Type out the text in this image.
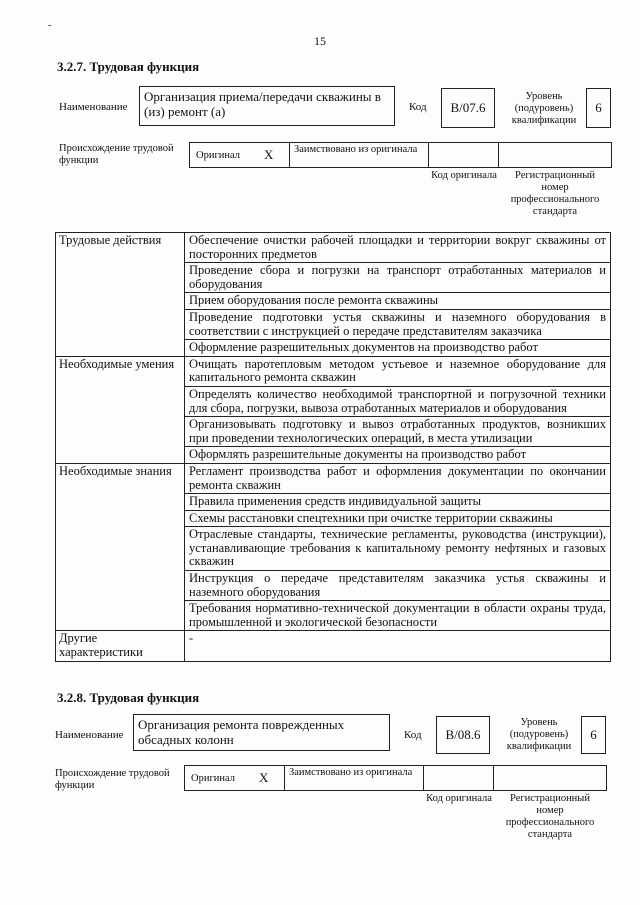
-
15
3.2.7. Трудовая функция
Наименование
Организация приема/передачи скважины в (из) ремонт (а)	Код	В/07.6
Уровень (подуровень) квалификации
6
Происхождение трудовой функции	Оригинал X Заимствовано из оригинала
Код оригинала	Регистрационный номер профессионального стандарта
Трудовые действия	Обеспечение очистки рабочей площадки и территории вокруг скважины от посторонних предметов
	Проведение сбора и погрузки на транспорт отработанных материалов и оборудования
	Прием оборудования после ремонта скважины
	Проведение подготовки устья скважины и наземного оборудования в соответствии с инструкцией о передаче представителям заказчика
	Оформление разрешительных документов на производство работ
Необходимые умения	Очищать паротепловым методом устьевое и наземное оборудование для капитального ремонта скважин
	Определять количество необходимой транспортной и погрузочной техники для сбора, погрузки, вывоза отработанных материалов и оборудования
	Организовывать подготовку и вывоз отработанных продуктов, возникших при проведении технологических операций, в места утилизации
	Оформлять разрешительные документы на производство работ
Необходимые знания	Регламент производства работ и оформления документации по окончании ремонта скважин
	Правила применения средств индивидуальной защиты
	Схемы расстановки спецтехники при очистке территории скважины
	Отраслевые стандарты, технические регламенты, руководства (инструкции), устанавливающие требования к капитальному ремонту нефтяных и газовых скважин
	Инструкция о передаче представителям заказчика устья скважины и наземного оборудования
	Требования нормативно-технической документации в области охраны труда, промышленной и экологической безопасности
Другие характеристики	-
3.2.8. Трудовая функция
Наименование
Организация ремонта поврежденных обсадных колонн	Код	В/08.6
Уровень (подуровень) квалификации
6
Происхождение трудовой функции
Оригинал X Заимствовано из оригинала
Код оригинала	Регистрационный номер профессионального стандарта
